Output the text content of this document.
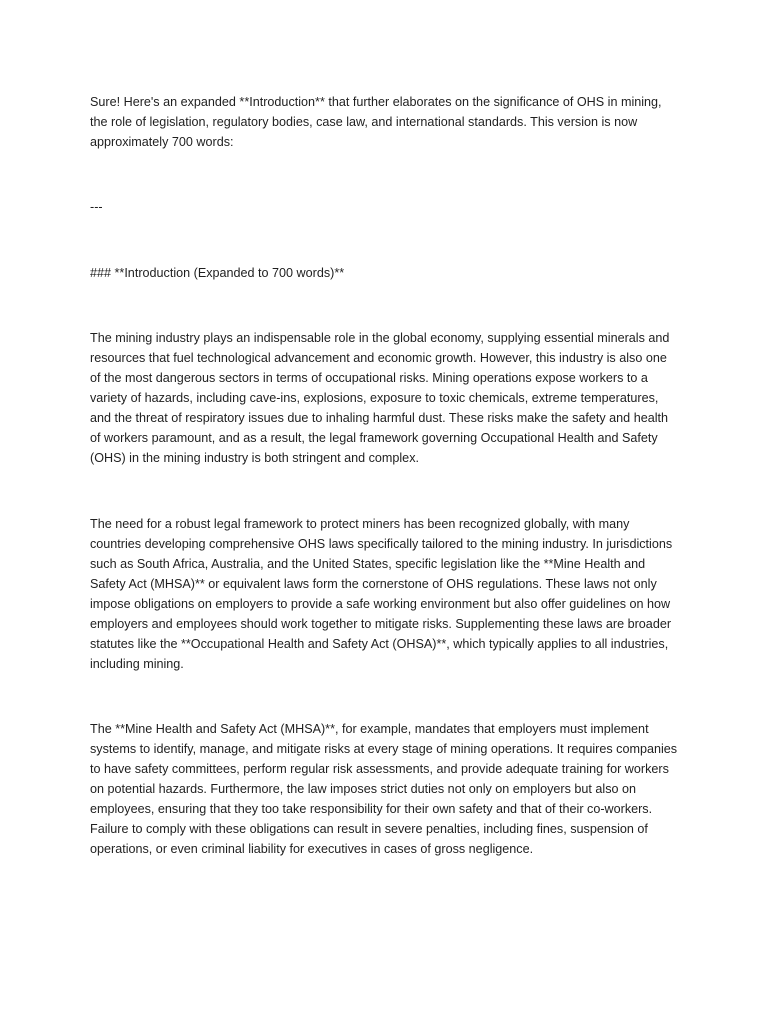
Sure! Here's an expanded **Introduction** that further elaborates on the significance of OHS in mining, the role of legislation, regulatory bodies, case law, and international standards. This version is now approximately 700 words:

---

### **Introduction (Expanded to 700 words)**

The mining industry plays an indispensable role in the global economy, supplying essential minerals and resources that fuel technological advancement and economic growth. However, this industry is also one of the most dangerous sectors in terms of occupational risks. Mining operations expose workers to a variety of hazards, including cave-ins, explosions, exposure to toxic chemicals, extreme temperatures, and the threat of respiratory issues due to inhaling harmful dust. These risks make the safety and health of workers paramount, and as a result, the legal framework governing Occupational Health and Safety (OHS) in the mining industry is both stringent and complex.

The need for a robust legal framework to protect miners has been recognized globally, with many countries developing comprehensive OHS laws specifically tailored to the mining industry. In jurisdictions such as South Africa, Australia, and the United States, specific legislation like the **Mine Health and Safety Act (MHSA)** or equivalent laws form the cornerstone of OHS regulations. These laws not only impose obligations on employers to provide a safe working environment but also offer guidelines on how employers and employees should work together to mitigate risks. Supplementing these laws are broader statutes like the **Occupational Health and Safety Act (OHSA)**, which typically applies to all industries, including mining.

The **Mine Health and Safety Act (MHSA)**, for example, mandates that employers must implement systems to identify, manage, and mitigate risks at every stage of mining operations. It requires companies to have safety committees, perform regular risk assessments, and provide adequate training for workers on potential hazards. Furthermore, the law imposes strict duties not only on employers but also on employees, ensuring that they too take responsibility for their own safety and that of their co-workers. Failure to comply with these obligations can result in severe penalties, including fines, suspension of operations, or even criminal liability for executives in cases of gross negligence.
